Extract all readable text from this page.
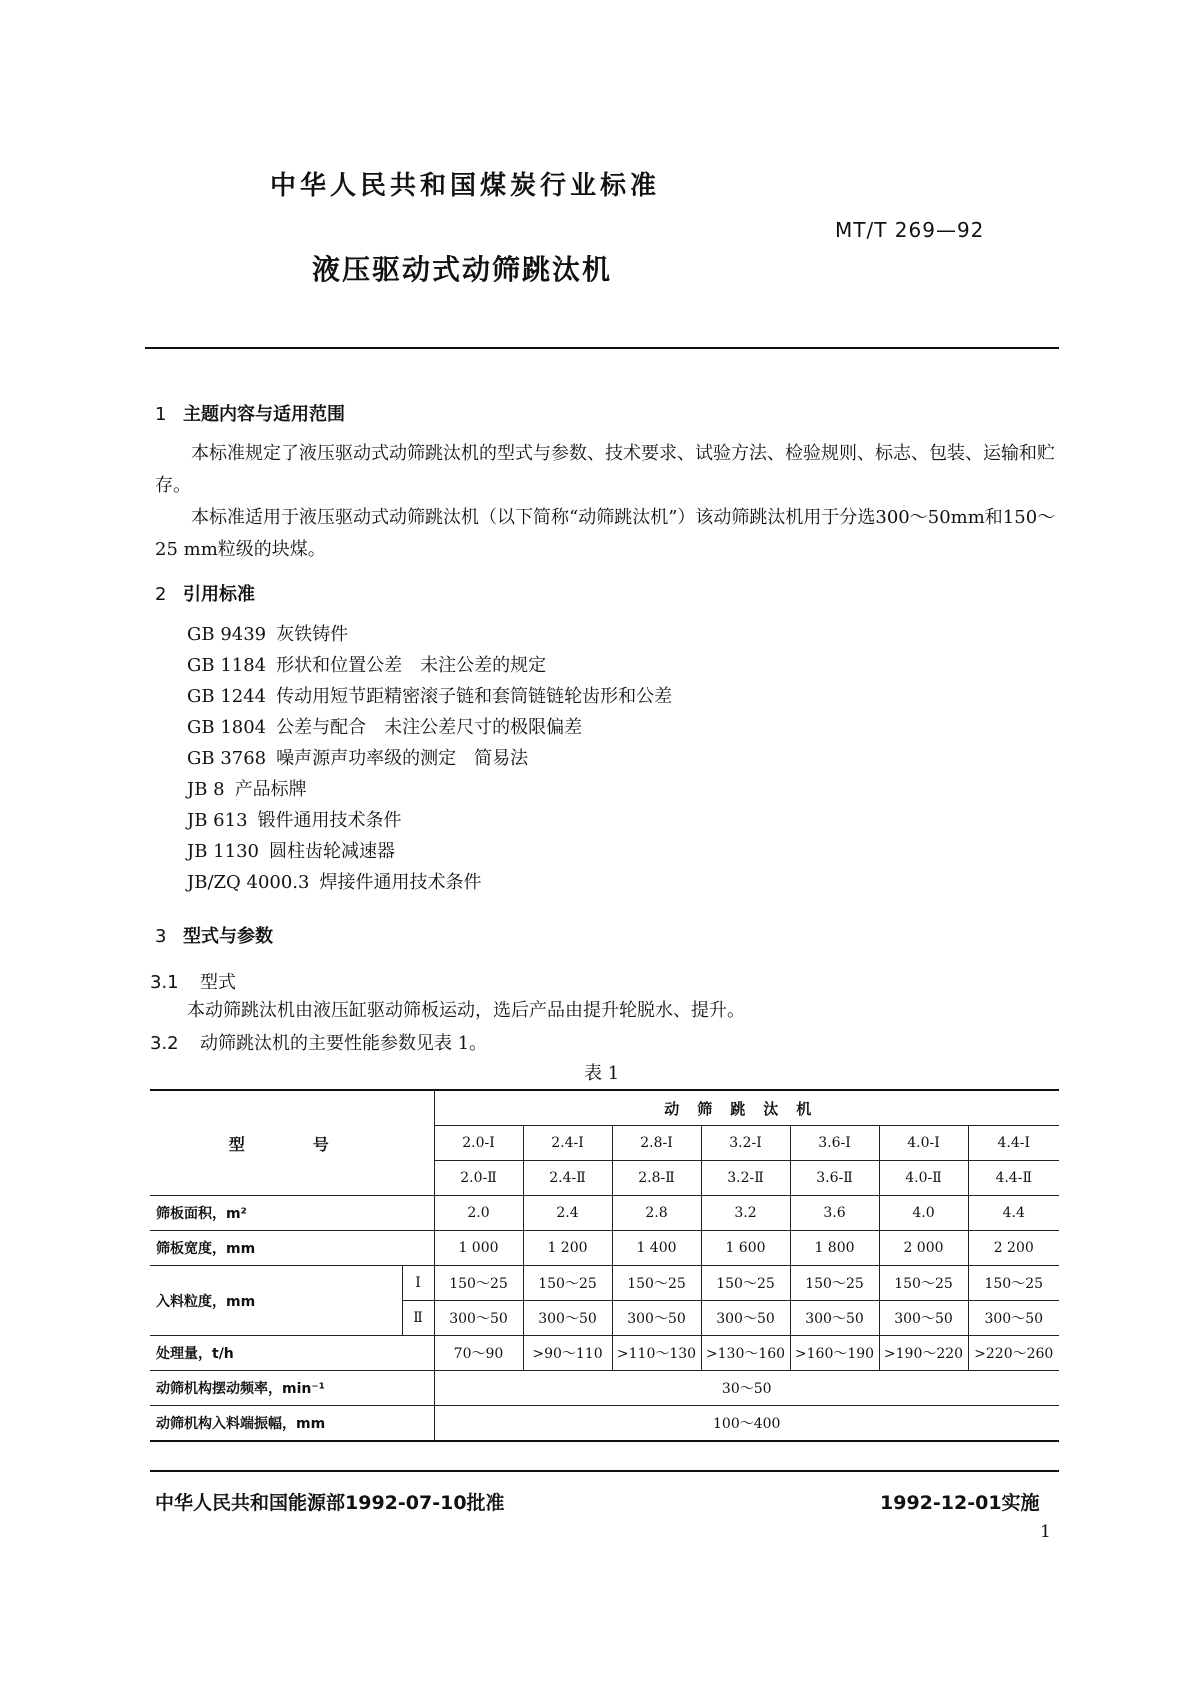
中华人民共和国煤炭行业标准
MT/T 269—92
液压驱动式动筛跳汰机
1 主题内容与适用范围

本标准规定了液压驱动式动筛跳汰机的型式与参数、技术要求、试验方法、检验规则、标志、包装、运输和贮存。

本标准适用于液压驱动式动筛跳汰机（以下简称“动筛跳汰机”）该动筛跳汰机用于分选300～50mm和150～25 mm粒级的块煤。

2 引用标准
GB 9439 灰铁铸件
GB 1184 形状和位置公差　未注公差的规定
GB 1244 传动用短节距精密滚子链和套筒链链轮齿形和公差
GB 1804 公差与配合　未注公差尺寸的极限偏差
GB 3768 噪声源声功率级的测定　简易法
JB 8 产品标牌
JB 613 锻件通用技术条件
JB 1130 圆柱齿轮减速器
JB/ZQ 4000.3 焊接件通用技术条件
3 型式与参数
3.1 型式
本动筛跳汰机由液压缸驱动筛板运动，选后产品由提升轮脱水、提升。
3.2 动筛跳汰机的主要性能参数见表 1。
表 1
型　号		动筛跳汰机						
		2.0-Ⅰ	2.4-Ⅰ	2.8-Ⅰ	3.2-Ⅰ	3.6-Ⅰ	4.0-Ⅰ	4.4-Ⅰ
		2.0-Ⅱ	2.4-Ⅱ	2.8-Ⅱ	3.2-Ⅱ	3.6-Ⅱ	4.0-Ⅱ	4.4-Ⅱ
筛板面积，m²		2.0	2.4	2.8	3.2	3.6	4.0	4.4
筛板宽度，mm		1 000	1 200	1 400	1 600	1 800	2 000	2 200
入料粒度，mm	Ⅰ	150～25	150～25	150～25	150～25	150～25	150～25	150～25
	Ⅱ	300～50	300～50	300～50	300～50	300～50	300～50	300～50
处理量，t/h		70～90	>90～110	>110～130	>130～160	>160～190	>190～220	>220～260
动筛机构摆动频率，min⁻¹		30～50						
动筛机构入料端振幅，mm		100～400						
中华人民共和国能源部1992-07-10批准	1992-12-01实施
1
